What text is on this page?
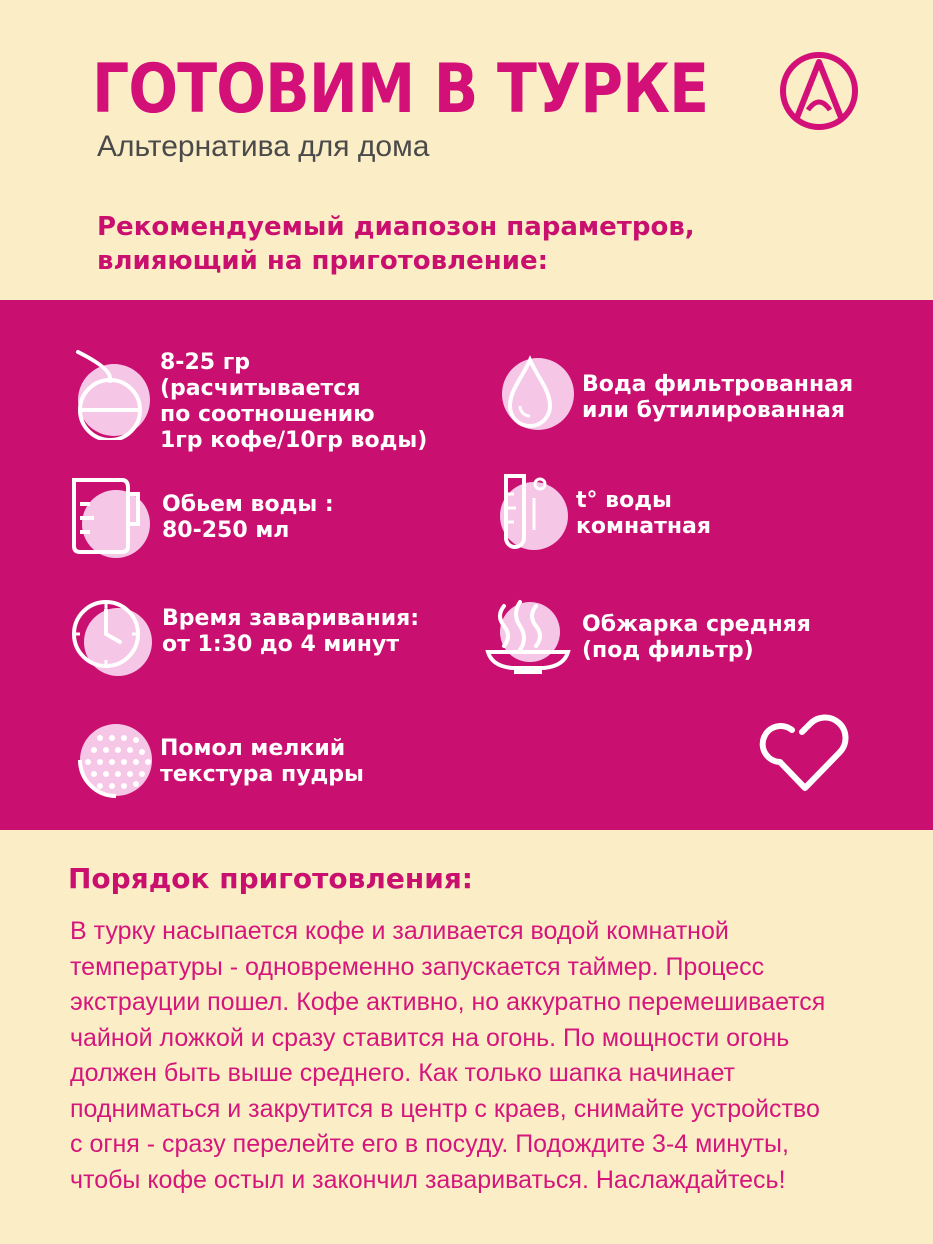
ГОТОВИМ В ТУРКЕ
Альтернатива для дома
Рекомендуемый диапозон параметров,
влияющий на приготовление:
8-25 гр
(расчитывается
по соотношению
1гр кофе/10гр воды)
Вода фильтрованная
или бутилированная
Обьем воды :
80-250 мл
t° воды
комнатная
Время заваривания:
от 1:30 до 4 минут
Обжарка средняя
(под фильтр)
Помол мелкий
текстура пудры
Порядок приготовления:
В турку насыпается кофе и заливается водой комнатной
температуры - одновременно запускается таймер. Процесс
экстрауции пошел. Кофе активно, но аккуратно перемешивается
чайной ложкой и сразу ставится на огонь. По мощности огонь
должен быть выше среднего. Как только шапка начинает
подниматься и закрутится в центр с краев, снимайте устройство
с огня - сразу перелейте его в посуду. Подождите 3-4 минуты,
чтобы кофе остыл и закончил завариваться. Наслаждайтесь!
